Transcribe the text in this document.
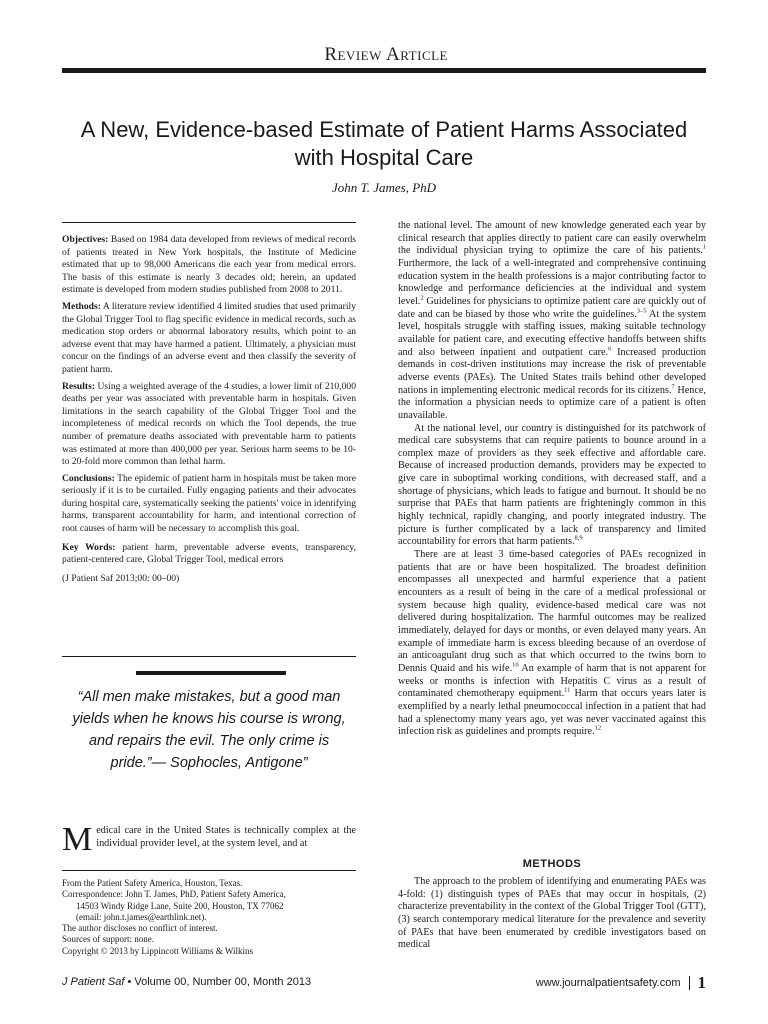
Review Article
A New, Evidence-based Estimate of Patient Harms Associated with Hospital Care
John T. James, PhD

Objectives: Based on 1984 data developed from reviews of medical records of patients treated in New York hospitals, the Institute of Medicine estimated that up to 98,000 Americans die each year from medical errors. The basis of this estimate is nearly 3 decades old; herein, an updated estimate is developed from modern studies published from 2008 to 2011.

Methods: A literature review identified 4 limited studies that used primarily the Global Trigger Tool to flag specific evidence in medical records, such as medication stop orders or abnormal laboratory results, which point to an adverse event that may have harmed a patient. Ultimately, a physician must concur on the findings of an adverse event and then classify the severity of patient harm.

Results: Using a weighted average of the 4 studies, a lower limit of 210,000 deaths per year was associated with preventable harm in hospitals. Given limitations in the search capability of the Global Trigger Tool and the incompleteness of medical records on which the Tool depends, the true number of premature deaths associated with preventable harm to patients was estimated at more than 400,000 per year. Serious harm seems to be 10- to 20-fold more common than lethal harm.

Conclusions: The epidemic of patient harm in hospitals must be taken more seriously if it is to be curtailed. Fully engaging patients and their advocates during hospital care, systematically seeking the patients' voice in identifying harms, transparent accountability for harm, and intentional correction of root causes of harm will be necessary to accomplish this goal.

Key Words: patient harm, preventable adverse events, transparency, patient-centered care, Global Trigger Tool, medical errors

(J Patient Saf 2013;00: 00–00)

“All men make mistakes, but a good man yields when he knows his course is wrong, and repairs the evil. The only crime is pride.”— Sophocles, Antigone”
Medical care in the United States is technically complex at the individual provider level, at the system level, and at
From the Patient Safety America, Houston, Texas.
Correspondence: John T. James, PhD, Patient Safety America,
14503 Windy Ridge Lane, Suite 200, Houston, TX 77062
(email: john.t.james@earthlink.net).
The author discloses no conflict of interest.
Sources of support: none.
Copyright © 2013 by Lippincott Williams & Wilkins

the national level. The amount of new knowledge generated each year by clinical research that applies directly to patient care can easily overwhelm the individual physician trying to optimize the care of his patients.$^1$ Furthermore, the lack of a well-integrated and comprehensive continuing education system in the health professions is a major contributing factor to knowledge and performance deficiencies at the individual and system level.$^2$ Guidelines for physicians to optimize patient care are quickly out of date and can be biased by those who write the guidelines.$^{3-5}$ At the system level, hospitals struggle with staffing issues, making suitable technology available for patient care, and executing effective handoffs between shifts and also between inpatient and outpatient care.$^6$ Increased production demands in cost-driven institutions may increase the risk of preventable adverse events (PAEs). The United States trails behind other developed nations in implementing electronic medical records for its citizens.$^7$ Hence, the information a physician needs to optimize care of a patient is often unavailable.

At the national level, our country is distinguished for its patchwork of medical care subsystems that can require patients to bounce around in a complex maze of providers as they seek effective and affordable care. Because of increased production demands, providers may be expected to give care in suboptimal working conditions, with decreased staff, and a shortage of physicians, which leads to fatigue and burnout. It should be no surprise that PAEs that harm patients are frighteningly common in this highly technical, rapidly changing, and poorly integrated industry. The picture is further complicated by a lack of transparency and limited accountability for errors that harm patients.$^{8,9}$

There are at least 3 time-based categories of PAEs recognized in patients that are or have been hospitalized. The broadest definition encompasses all unexpected and harmful experience that a patient encounters as a result of being in the care of a medical professional or system because high quality, evidence-based medical care was not delivered during hospitalization. The harmful outcomes may be realized immediately, delayed for days or months, or even delayed many years. An example of immediate harm is excess bleeding because of an overdose of an anticoagulant drug such as that which occurred to the twins born to Dennis Quaid and his wife.$^{10}$ An example of harm that is not apparent for weeks or months is infection with Hepatitis C virus as a result of contaminated chemotherapy equipment.$^{11}$ Harm that occurs years later is exemplified by a nearly lethal pneumococcal infection in a patient that had had a splenectomy many years ago, yet was never vaccinated against this infection risk as guidelines and prompts require.$^{12}$

METHODS

The approach to the problem of identifying and enumerating PAEs was 4-fold: (1) distinguish types of PAEs that may occur in hospitals, (2) characterize preventability in the context of the Global Trigger Tool (GTT), (3) search contemporary medical literature for the prevalence and severity of PAEs that have been enumerated by credible investigators based on medical

J Patient Saf • Volume 00, Number 00, Month 2013	www.journalpatientsafety.com 1
